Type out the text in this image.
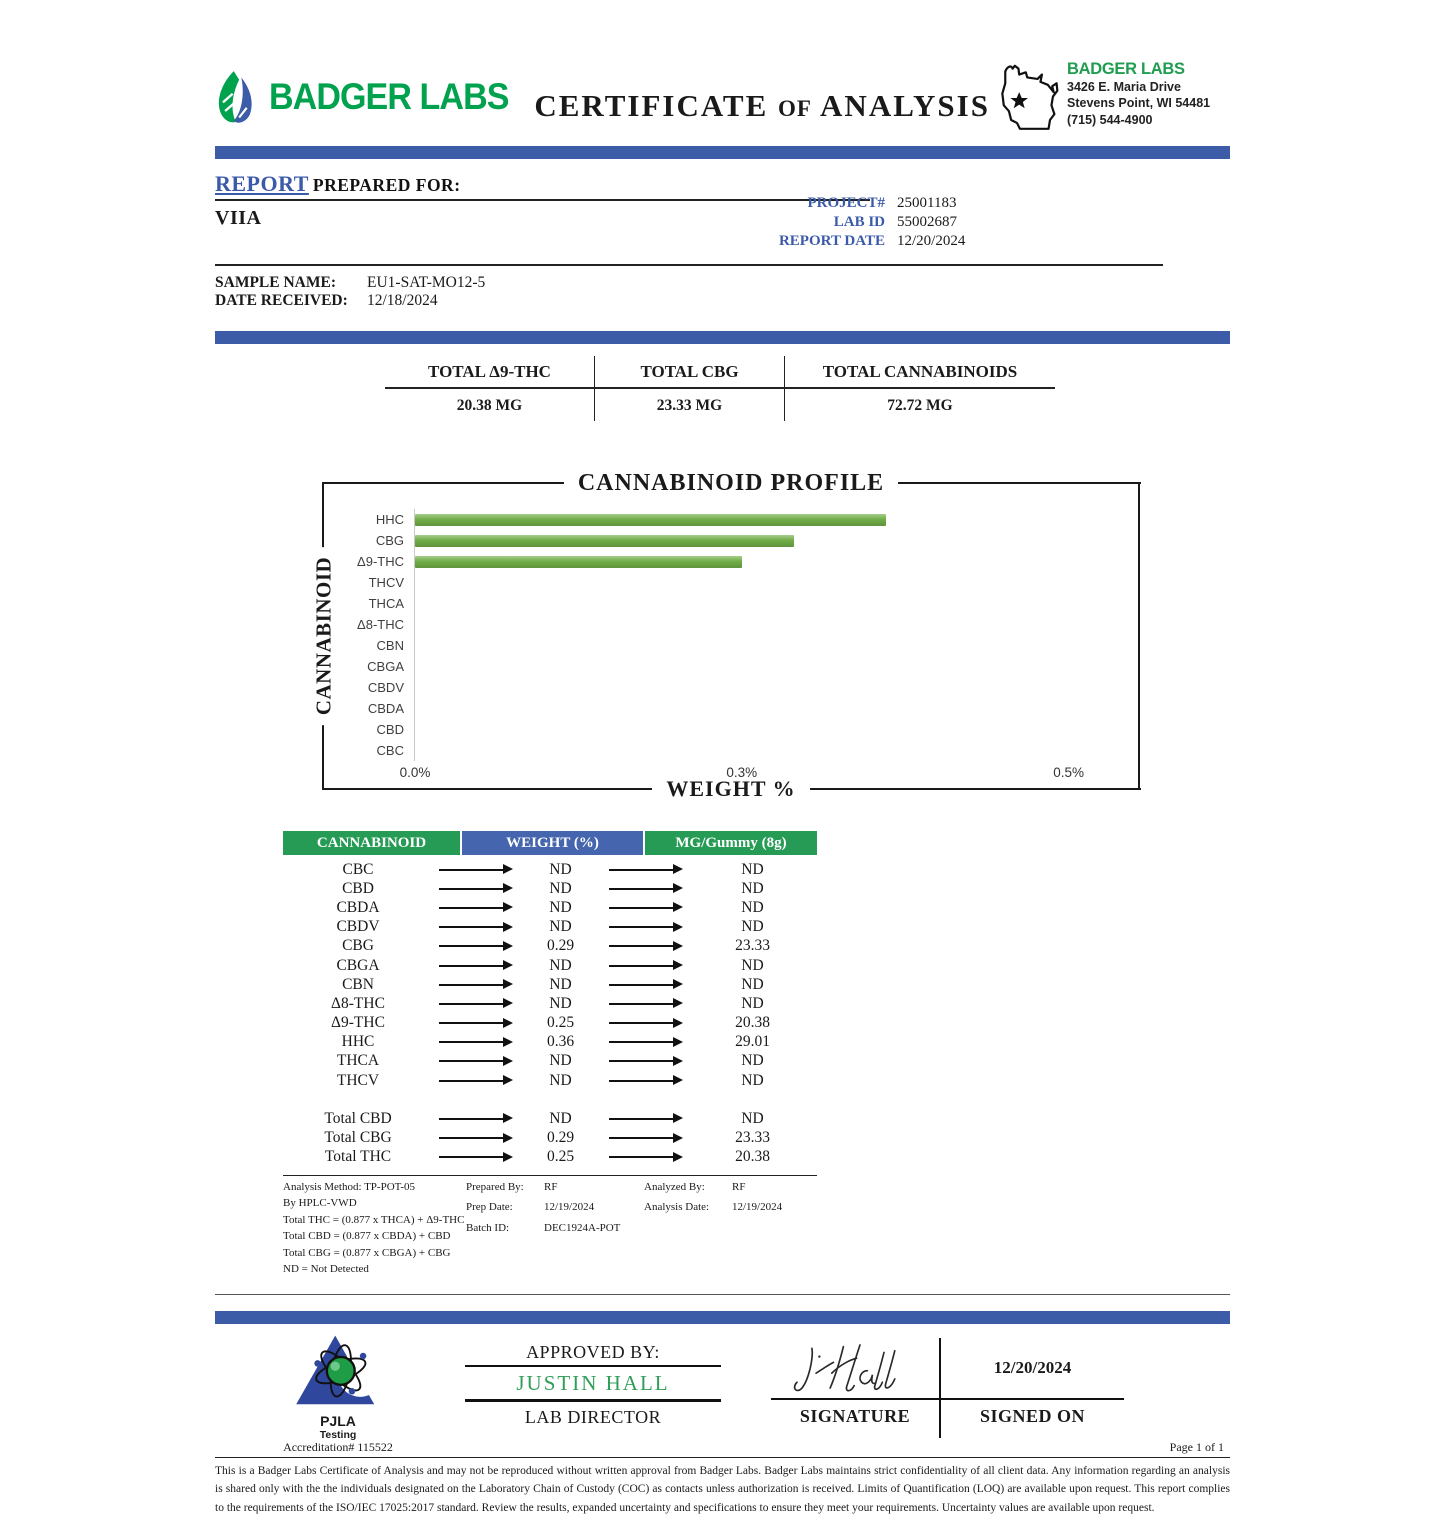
BADGER LABS CERTIFICATE OF ANALYSIS
BADGER LABS
3426 E. Maria Drive
Stevens Point, WI 54481
(715) 544-4900
REPORT PREPARED FOR:
VIIA
PROJECT# 25001183
LAB ID 55002687
REPORT DATE 12/20/2024
SAMPLE NAME:	EU1-SAT-MO12-5
DATE RECEIVED:	12/18/2024
TOTAL Δ9-THC	TOTAL CBG	TOTAL CANNABINOIDS
20.38 MG	23.33 MG	72.72 MG
CANNABINOID PROFILE
CANNABINOID
HHC
CBG
Δ9-THC
THCV
THCA
Δ8-THC
CBN
CBGA
CBDV
CBDA
CBD
CBC
0.0%	0.3%	0.5%
WEIGHT %
CANNABINOID	WEIGHT (%)	MG/Gummy (8g)
CBC	ND	ND
CBD	ND	ND
CBDA	ND	ND
CBDV	ND	ND
CBG	0.29	23.33
CBGA	ND	ND
CBN	ND	ND
Δ8-THC	ND	ND
Δ9-THC	0.25	20.38
HHC	0.36	29.01
THCA	ND	ND
THCV	ND	ND
Total CBD	ND	ND
Total CBG	0.29	23.33
Total THC	0.25	20.38
Analysis Method: TP-POT-05
By HPLC-VWD
Total THC = (0.877 x THCA) + Δ9-THC
Total CBD = (0.877 x CBDA) + CBD
Total CBG = (0.877 x CBGA) + CBG
ND = Not Detected
Prepared By:	RF
Prep Date:	12/19/2024
Batch ID:	DEC1924A-POT
Analyzed By:	RF
Analysis Date:	12/19/2024
PJLA
Testing
Accreditation# 115522
APPROVED BY:
JUSTIN HALL
LAB DIRECTOR
12/20/2024
SIGNATURE	SIGNED ON
Page 1 of 1
This is a Badger Labs Certificate of Analysis and may not be reproduced without written approval from Badger Labs. Badger Labs maintains strict confidentiality of all client data. Any information regarding an analysis is shared only with the the individuals designated on the Laboratory Chain of Custody (COC) as contacts unless authorization is received. Limits of Quantification (LOQ) are available upon request. This report complies to the requirements of the ISO/IEC 17025:2017 standard. Review the results, expanded uncertainty and specifications to ensure they meet your requirements. Uncertainty values are available upon request.
